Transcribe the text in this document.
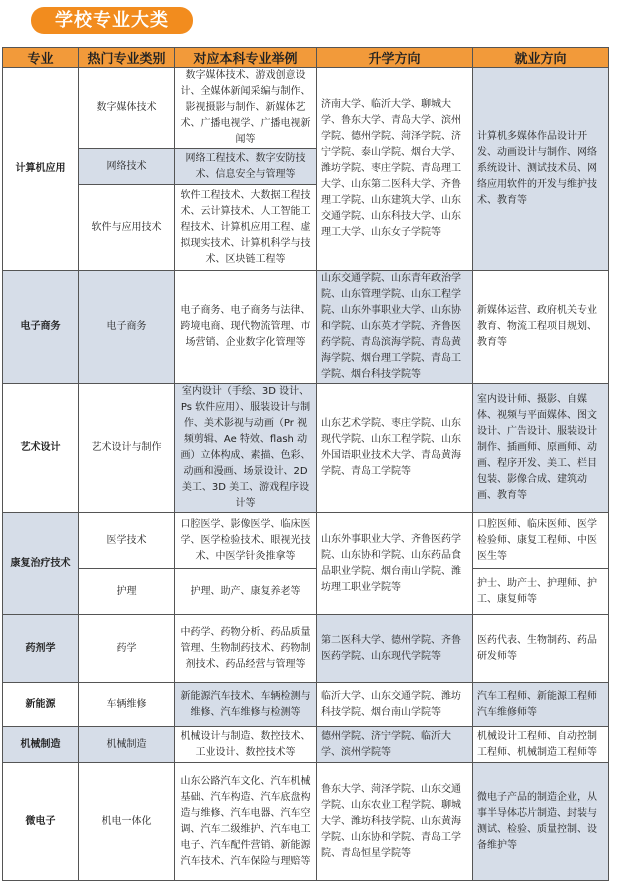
学校专业大类
专业	热门专业类别	对应本科专业举例	升学方向	就业方向
计算机应用	数字媒体技术	数字媒体技术、游戏创意设计、全媒体新闻采编与制作、影视摄影与制作、新媒体艺术、广播电视学、广播电视新闻等	济南大学、临沂大学、聊城大学、鲁东大学、青岛大学、滨州学院、德州学院、菏泽学院、济宁学院、泰山学院、烟台大学、潍坊学院、枣庄学院、青岛理工大学、山东第二医科大学、齐鲁理工学院、山东建筑大学、山东交通学院、山东科技大学、山东理工大学、山东女子学院等	计算机多媒体作品设计开发、动画设计与制作、网络系统设计、测试技术员、网络应用软件的开发与维护技术、教育等
	网络技术	网络工程技术、数字安防技术、信息安全与管理等		
	软件与应用技术	软件工程技术、大数据工程技术、云计算技术、人工智能工程技术、计算机应用工程、虚拟现实技术、计算机科学与技术、区块链工程等		
电子商务	电子商务	电子商务、电子商务与法律、跨境电商、现代物流管理、市场营销、企业数字化管理等	山东交通学院、山东青年政治学院、山东管理学院、山东工程学院、山东外事职业大学、山东协和学院、山东英才学院、齐鲁医药学院、青岛滨海学院、青岛黄海学院、烟台理工学院、青岛工学院、烟台科技学院等	新媒体运营、政府机关专业教育、物流工程项目规划、教育等
艺术设计	艺术设计与制作	室内设计（手绘、3D 设计、Ps 软件应用）、服装设计与制作、美术影视与动画（Pr 视频剪辑、Ae 特效、flash 动画）立体构成、素描、色彩、动画和漫画、场景设计、2D 美工、3D 美工、游戏程序设计等	山东艺术学院、枣庄学院、山东现代学院、山东工程学院、山东外国语职业技术大学、青岛黄海学院、青岛工学院等	室内设计师、摄影、自媒体、视频与平面媒体、图文设计、广告设计、服装设计制作、插画师、原画师、动画、程序开发、美工、栏目包装、影像合成、建筑动画、教育等
康复治疗技术	医学技术	口腔医学、影像医学、临床医学、医学检验技术、眼视光技术、中医学针灸推拿等	山东外事职业大学、齐鲁医药学院、山东协和学院、山东药品食品职业学院、烟台南山学院、潍坊理工职业学院等	口腔医师、临床医师、医学检验师、康复工程师、中医医生等
	护理	护理、助产、康复养老等		护士、助产士、护理师、护工、康复师等
药剂学	药学	中药学、药物分析、药品质量管理、生物制药技术、药物制剂技术、药品经营与管理等	第二医科大学、德州学院、齐鲁医药学院、山东现代学院等	医药代表、生物制药、药品研发师等
新能源	车辆维修	新能源汽车技术、车辆检测与维修、汽车维修与检测等	临沂大学、山东交通学院、潍坊科技学院、烟台南山学院等	汽车工程师、新能源工程师汽车维修师等
机械制造	机械制造	机械设计与制造、数控技术、工业设计、数控技术等	德州学院、济宁学院、临沂大学、滨州学院等	机械设计工程师、自动控制工程师、机械制造工程师等
微电子	机电一体化	山东公路汽车文化、汽车机械基础、汽车构造、汽车底盘构造与维修、汽车电器、汽车空调、汽车二级维护、汽车电工电子、汽车配件营销、新能源汽车技术、汽车保险与理赔等	鲁东大学、菏泽学院、山东交通学院、山东农业工程学院、聊城大学、潍坊科技学院、山东黄海学院、山东协和学院、青岛工学院、青岛恒星学院等	微电子产品的制造企业，从事半导体芯片制造、封装与测试、检验、质量控制、设备维护等
